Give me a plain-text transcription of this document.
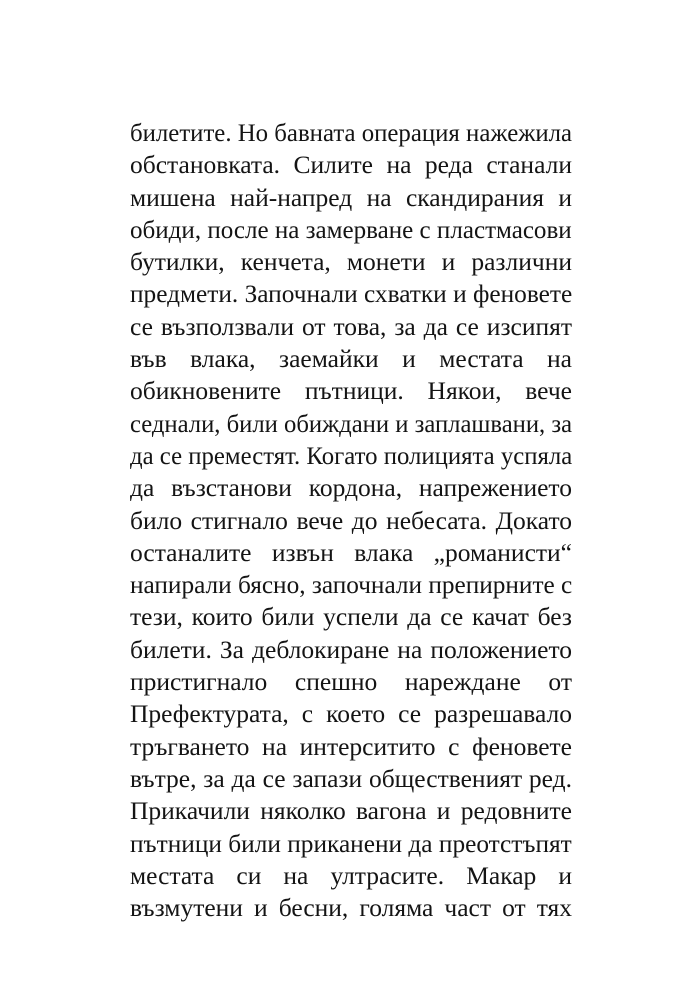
билетите. Но бавната операция нажежила
обстановката. Силите на реда станали
мишена най-напред на скандирания и
обиди, после на замерване с пластмасови
бутилки, кенчета, монети и различни
предмети. Започнали схватки и феновете
се възползвали от това, за да се изсипят
във влака, заемайки и местата на
обикновените пътници. Някои, вече
седнали, били обиждани и заплашвани, за
да се преместят. Когато полицията успяла
да възстанови кордона, напрежението
било стигнало вече до небесата. Докато
останалите извън влака „романисти“
напирали бясно, започнали препирните с
тези, които били успели да се качат без
билети. За деблокиране на положението
пристигнало спешно нареждане от
Префектурата, с което се разрешавало
тръгването на интерситито с феновете
вътре, за да се запази общественият ред.
Прикачили няколко вагона и редовните
пътници били приканени да преотстъпят
местата си на ултрасите. Макар и
възмутени и бесни, голяма част от тях
